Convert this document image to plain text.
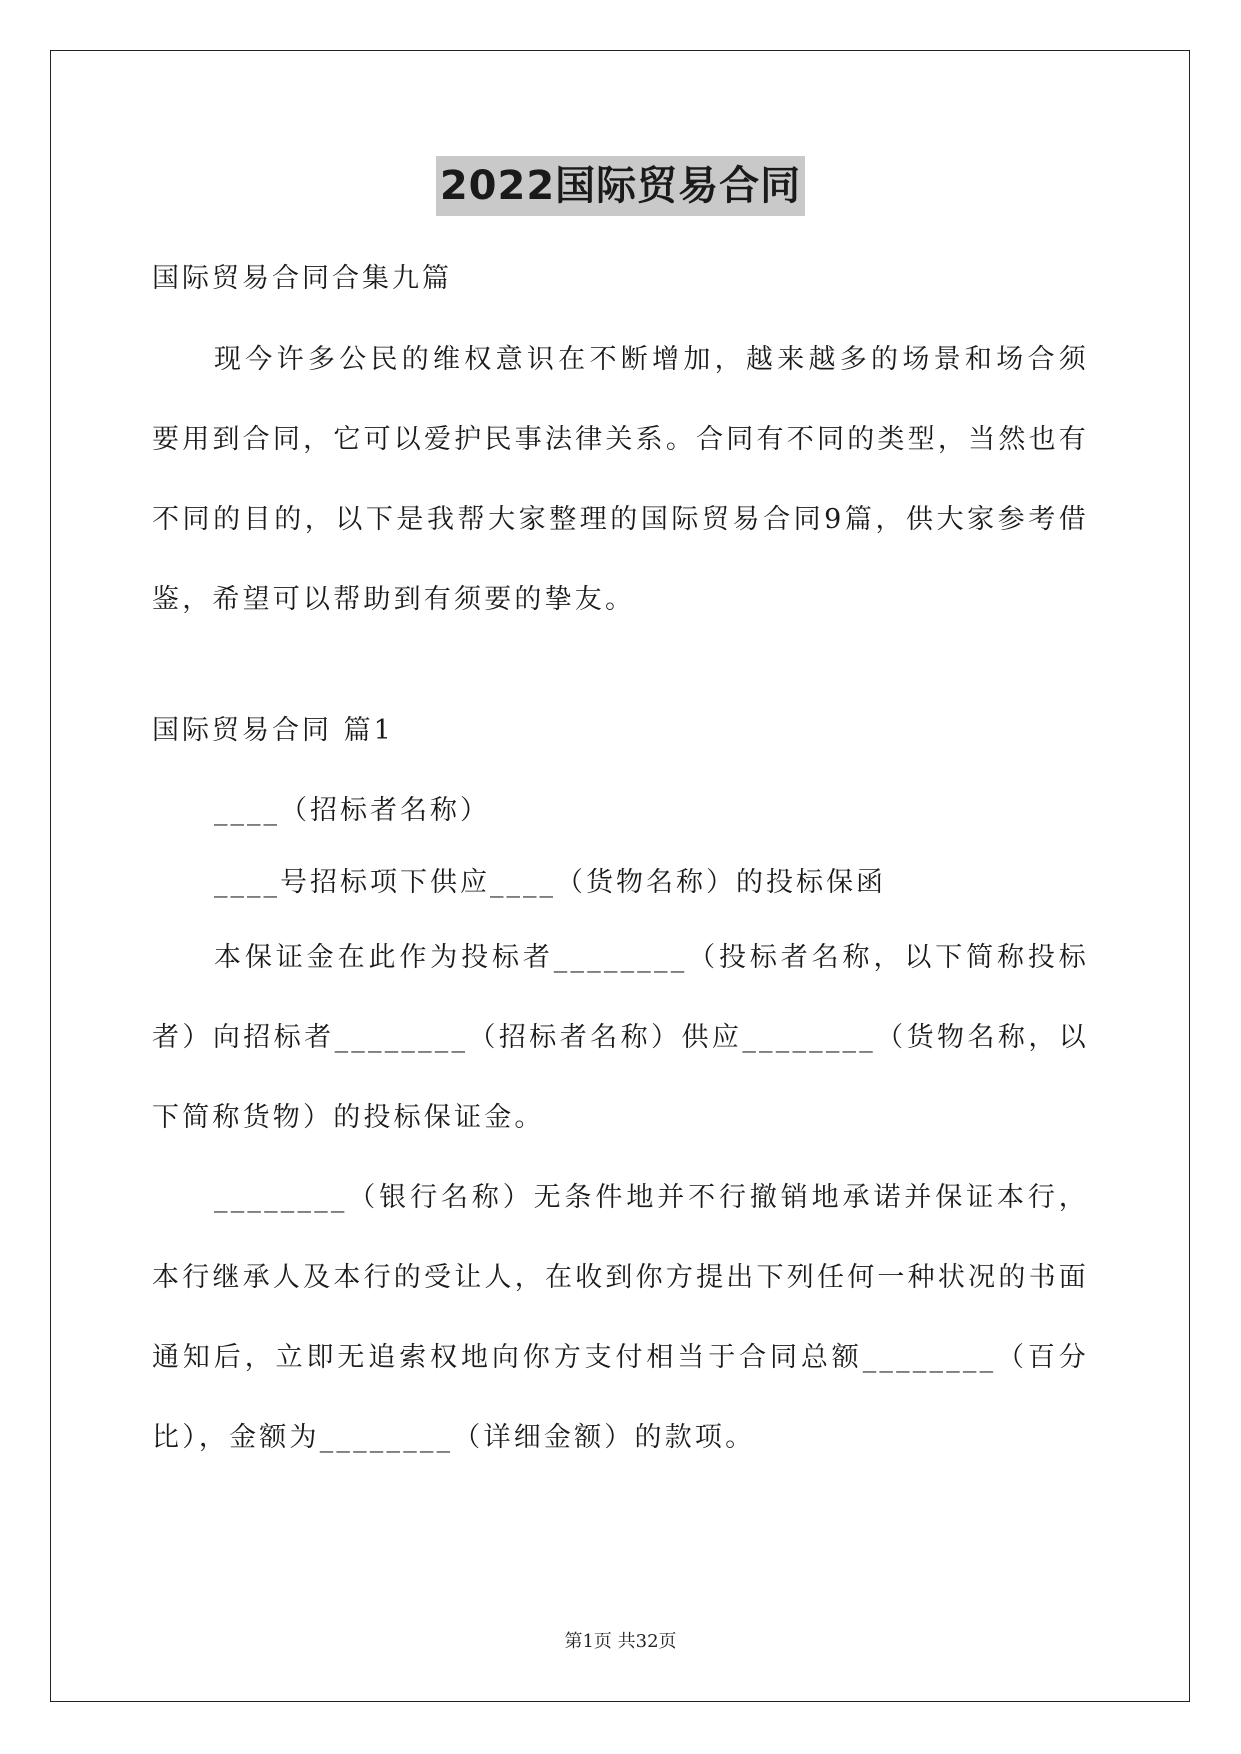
2022国际贸易合同

国际贸易合同合集九篇

现今许多公民的维权意识在不断增加，越来越多的场景和场合须要用到合同，它可以爱护民事法律关系。合同有不同的类型，当然也有不同的目的，以下是我帮大家整理的国际贸易合同9篇，供大家参考借鉴，希望可以帮助到有须要的挚友。

国际贸易合同 篇1

____（招标者名称）

____号招标项下供应____（货物名称）的投标保函

本保证金在此作为投标者________（投标者名称，以下简称投标者）向招标者________（招标者名称）供应________（货物名称，以下简称货物）的投标保证金。

________（银行名称）无条件地并不行撤销地承诺并保证本行，本行继承人及本行的受让人，在收到你方提出下列任何一种状况的书面通知后，立即无追索权地向你方支付相当于合同总额________（百分比），金额为________（详细金额）的款项。

第1页 共32页
